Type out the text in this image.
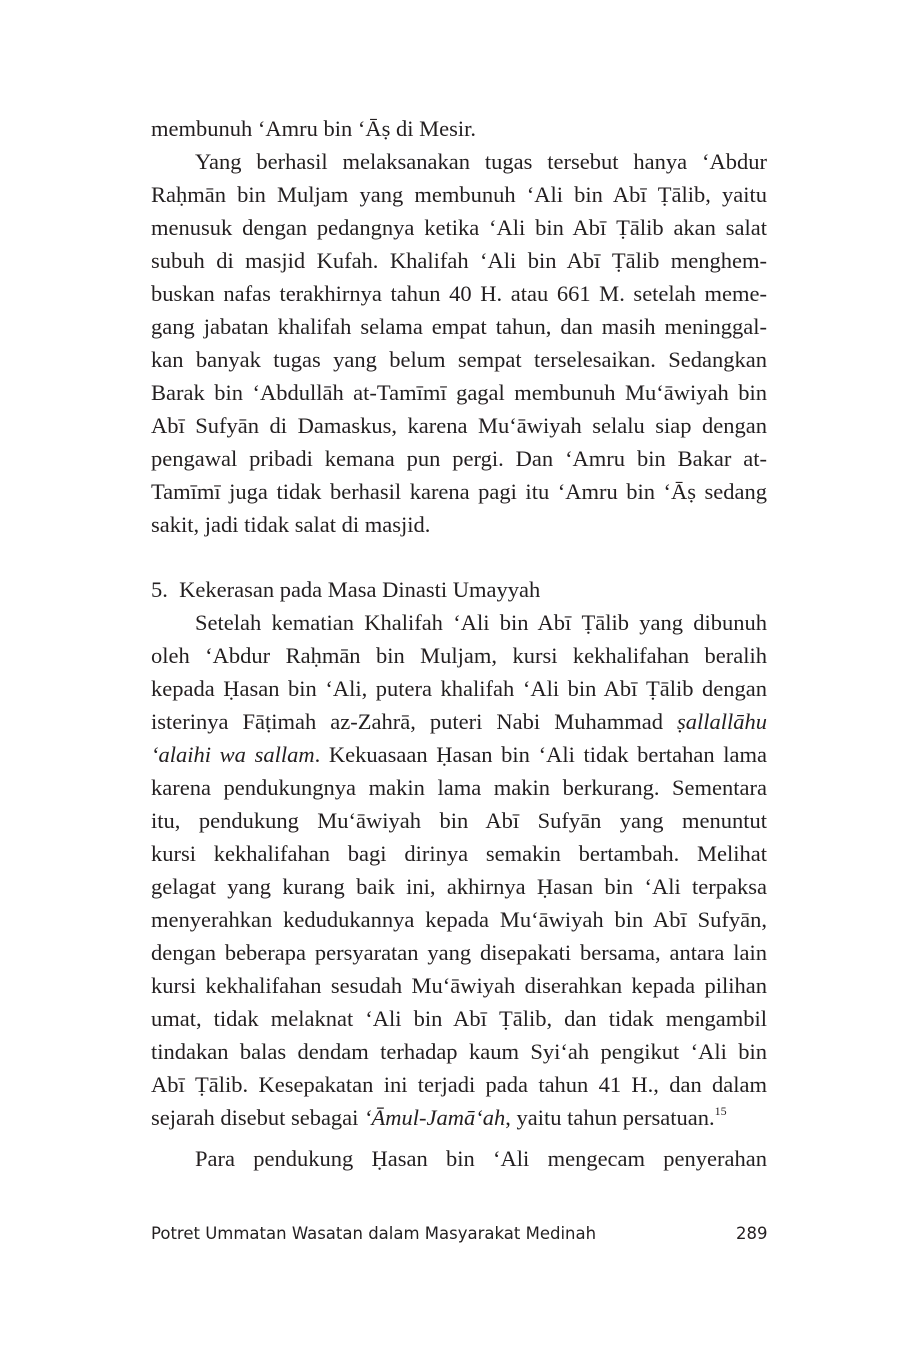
membunuh ‘Amru bin ‘Āṣ di Mesir.
Yang berhasil melaksanakan tugas tersebut hanya ‘Abdur
Raḥmān bin Muljam yang membunuh ‘Ali bin Abī Ṭālib, yaitu
menusuk dengan pedangnya ketika ‘Ali bin Abī Ṭālib akan salat
subuh di masjid Kufah. Khalifah ‘Ali bin Abī Ṭālib menghem-
buskan nafas terakhirnya tahun 40 H. atau 661 M. setelah meme-
gang jabatan khalifah selama empat tahun, dan masih meninggal-
kan banyak tugas yang belum sempat terselesaikan. Sedangkan
Barak bin ‘Abdullāh at-Tamīmī gagal membunuh Mu‘āwiyah bin
Abī Sufyān di Damaskus, karena Mu‘āwiyah selalu siap dengan
pengawal pribadi kemana pun pergi. Dan ‘Amru bin Bakar at-
Tamīmī juga tidak berhasil karena pagi itu ‘Amru bin ‘Āṣ sedang
sakit, jadi tidak salat di masjid.
5. Kekerasan pada Masa Dinasti Umayyah
Setelah kematian Khalifah ‘Ali bin Abī Ṭālib yang dibunuh
oleh ‘Abdur Raḥmān bin Muljam, kursi kekhalifahan beralih
kepada Ḥasan bin ‘Ali, putera khalifah ‘Ali bin Abī Ṭālib dengan
isterinya Fāṭimah az-Zahrā, puteri Nabi Muhammad ṣallallāhu
‘alaihi wa sallam. Kekuasaan Ḥasan bin ‘Ali tidak bertahan lama
karena pendukungnya makin lama makin berkurang. Sementara
itu, pendukung Mu‘āwiyah bin Abī Sufyān yang menuntut
kursi kekhalifahan bagi dirinya semakin bertambah. Melihat
gelagat yang kurang baik ini, akhirnya Ḥasan bin ‘Ali terpaksa
menyerahkan kedudukannya kepada Mu‘āwiyah bin Abī Sufyān,
dengan beberapa persyaratan yang disepakati bersama, antara lain
kursi kekhalifahan sesudah Mu‘āwiyah diserahkan kepada pilihan
umat, tidak melaknat ‘Ali bin Abī Ṭālib, dan tidak mengambil
tindakan balas dendam terhadap kaum Syi‘ah pengikut ‘Ali bin
Abī Ṭālib. Kesepakatan ini terjadi pada tahun 41 H., dan dalam
sejarah disebut sebagai ‘Āmul-Jamā‘ah, yaitu tahun persatuan.$^{15}$
Para pendukung Ḥasan bin ‘Ali mengecam penyerahan
Potret Ummatan Wasatan dalam Masyarakat Medinah	289
